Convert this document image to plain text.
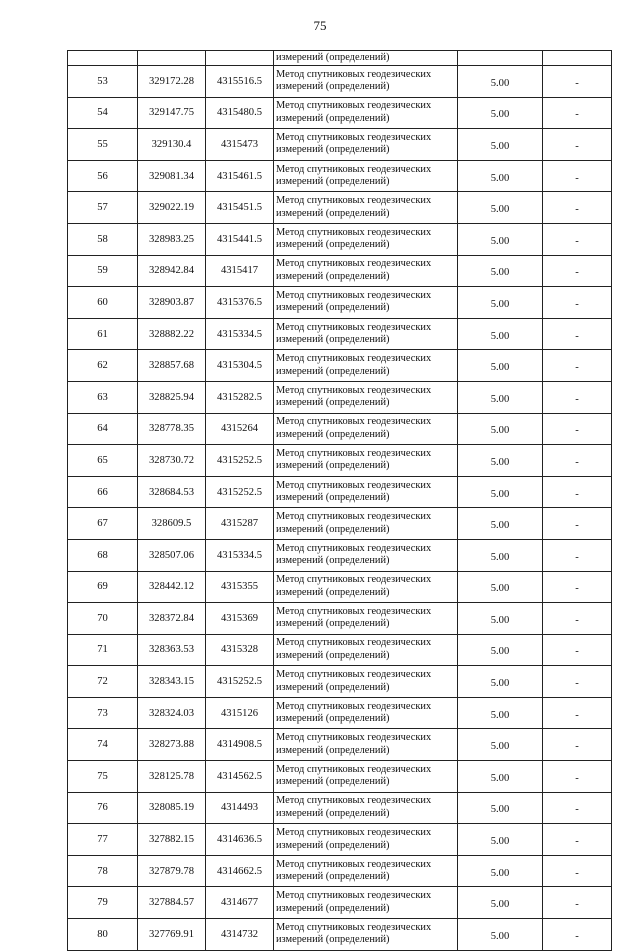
75

			измерений (определений)		

53	329172.28	4315516.5	Метод спутниковых геодезических
измерений (определений)	5.00	-
54	329147.75	4315480.5	Метод спутниковых геодезических
измерений (определений)	5.00	-
55	329130.4	4315473	Метод спутниковых геодезических
измерений (определений)	5.00	-
56	329081.34	4315461.5	Метод спутниковых геодезических
измерений (определений)	5.00	-
57	329022.19	4315451.5	Метод спутниковых геодезических
измерений (определений)	5.00	-
58	328983.25	4315441.5	Метод спутниковых геодезических
измерений (определений)	5.00	-
59	328942.84	4315417	Метод спутниковых геодезических
измерений (определений)	5.00	-
60	328903.87	4315376.5	Метод спутниковых геодезических
измерений (определений)	5.00	-
61	328882.22	4315334.5	Метод спутниковых геодезических
измерений (определений)	5.00	-
62	328857.68	4315304.5	Метод спутниковых геодезических
измерений (определений)	5.00	-
63	328825.94	4315282.5	Метод спутниковых геодезических
измерений (определений)	5.00	-
64	328778.35	4315264	Метод спутниковых геодезических
измерений (определений)	5.00	-
65	328730.72	4315252.5	Метод спутниковых геодезических
измерений (определений)	5.00	-
66	328684.53	4315252.5	Метод спутниковых геодезических
измерений (определений)	5.00	-
67	328609.5	4315287	Метод спутниковых геодезических
измерений (определений)	5.00	-
68	328507.06	4315334.5	Метод спутниковых геодезических
измерений (определений)	5.00	-
69	328442.12	4315355	Метод спутниковых геодезических
измерений (определений)	5.00	-
70	328372.84	4315369	Метод спутниковых геодезических
измерений (определений)	5.00	-
71	328363.53	4315328	Метод спутниковых геодезических
измерений (определений)	5.00	-
72	328343.15	4315252.5	Метод спутниковых геодезических
измерений (определений)	5.00	-
73	328324.03	4315126	Метод спутниковых геодезических
измерений (определений)	5.00	-
74	328273.88	4314908.5	Метод спутниковых геодезических
измерений (определений)	5.00	-
75	328125.78	4314562.5	Метод спутниковых геодезических
измерений (определений)	5.00	-
76	328085.19	4314493	Метод спутниковых геодезических
измерений (определений)	5.00	-
77	327882.15	4314636.5	Метод спутниковых геодезических
измерений (определений)	5.00	-
78	327879.78	4314662.5	Метод спутниковых геодезических
измерений (определений)	5.00	-
79	327884.57	4314677	Метод спутниковых геодезических
измерений (определений)	5.00	-
80	327769.91	4314732	Метод спутниковых геодезических
измерений (определений)	5.00	-
